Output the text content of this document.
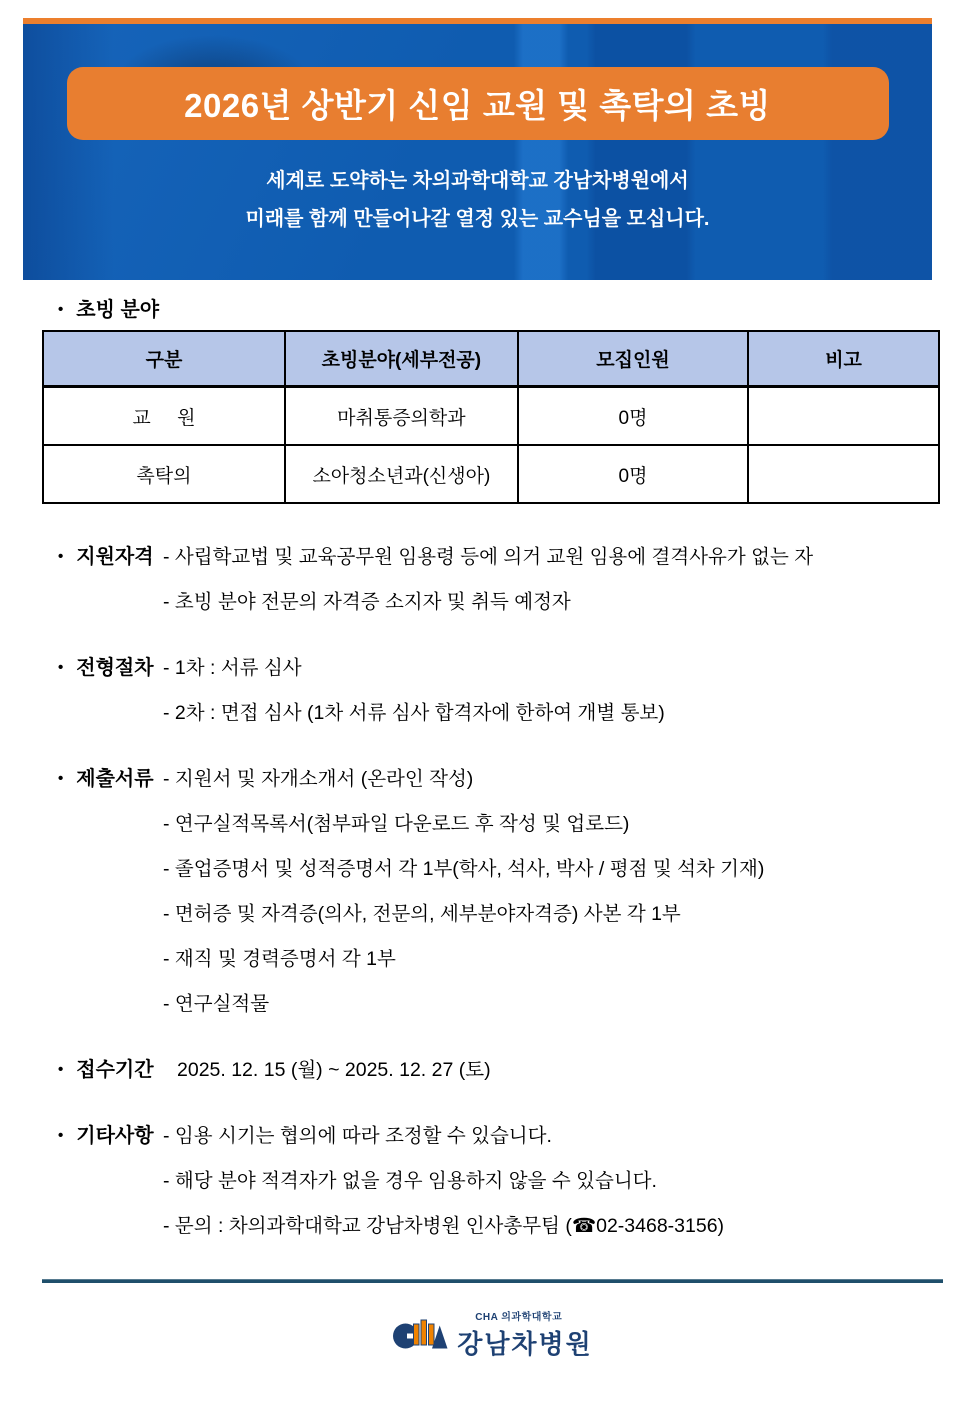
2026년 상반기 신임 교원 및 촉탁의 초빙
세계로 도약하는 차의과학대학교 강남차병원에서
미래를 함께 만들어나갈 열정 있는 교수님을 모십니다.
• 초빙 분야
구분	초빙분야(세부전공)	모집인원	비고
교     원	마취통증의학과	0명	
촉탁의	소아청소년과(신생아)	0명	
• 지원자격 - 사립학교법 및 교육공무원 임용령 등에 의거 교원 임용에 결격사유가 없는 자
- 초빙 분야 전문의 자격증 소지자 및 취득 예정자
• 전형절차 - 1차 : 서류 심사
- 2차 : 면접 심사 (1차 서류 심사 합격자에 한하여 개별 통보)
• 제출서류 - 지원서 및 자개소개서 (온라인 작성)
- 연구실적목록서(첨부파일 다운로드 후 작성 및 업로드)
- 졸업증명서 및 성적증명서 각 1부(학사, 석사, 박사 / 평점 및 석차 기재)
- 면허증 및 자격증(의사, 전문의, 세부분야자격증) 사본 각 1부
- 재직 및 경력증명서 각 1부
- 연구실적물
• 접수기간	2025. 12. 15 (월) ~ 2025. 12. 27 (토)
• 기타사항 - 임용 시기는 협의에 따라 조정할 수 있습니다.
- 해당 분야 적격자가 없을 경우 임용하지 않을 수 있습니다.
- 문의 : 차의과학대학교 강남차병원 인사총무팀 (☎02-3468-3156)
CHA 의과학대학교
강남차병원
